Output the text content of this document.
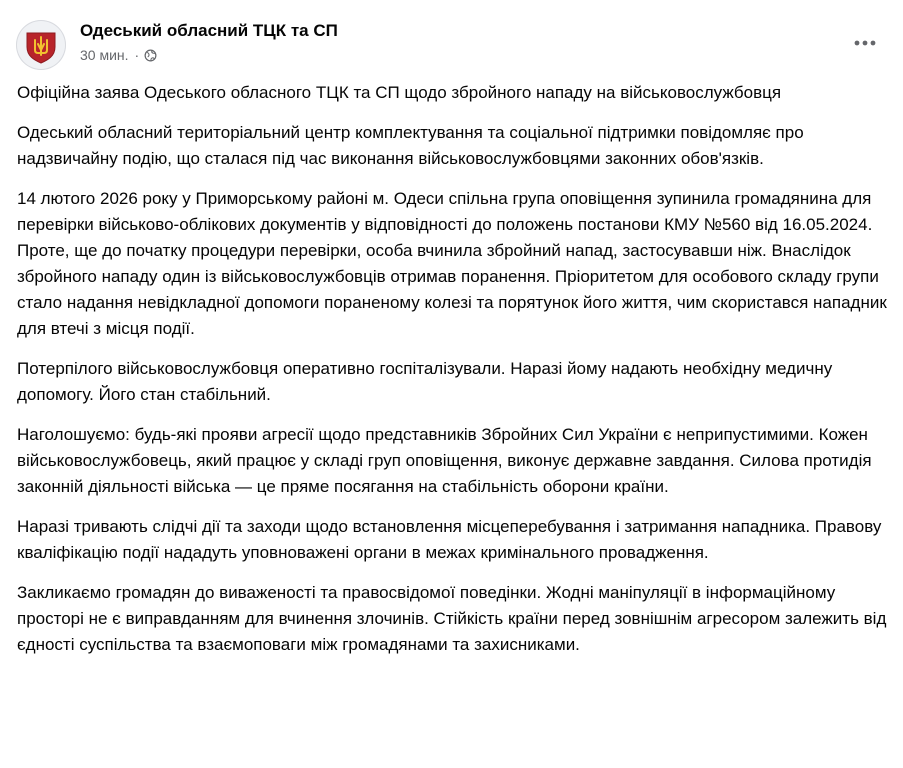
Одеський обласний ТЦК та СП
30 мин. ·

Офіційна заява Одеського обласного ТЦК та СП щодо збройного нападу на військовослужбовця

Одеський обласний територіальний центр комплектування та соціальної підтримки повідомляє про надзвичайну подію, що сталася під час виконання військовослужбовцями законних обов'язків.

14 лютого 2026 року у Приморському районі м. Одеси спільна група оповіщення зупинила громадянина для перевірки військово-облікових документів у відповідності до положень постанови КМУ №560 від 16.05.2024. Проте, ще до початку процедури перевірки, особа вчинила збройний напад, застосувавши ніж. Внаслідок збройного нападу один із військовослужбовців отримав поранення. Пріоритетом для особового складу групи стало надання невідкладної допомоги пораненому колезі та порятунок його життя, чим скористався нападник для втечі з місця події.

Потерпілого військовослужбовця оперативно госпіталізували. Наразі йому надають необхідну медичну допомогу. Його стан стабільний.

Наголошуємо: будь-які прояви агресії щодо представників Збройних Сил України є неприпустимими. Кожен військовослужбовець, який працює у складі груп оповіщення, виконує державне завдання. Силова протидія законній діяльності війська — це пряме посягання на стабільність оборони країни.

Наразі тривають слідчі дії та заходи щодо встановлення місцеперебування і затримання нападника. Правову кваліфікацію події нададуть уповноважені органи в межах кримінального провадження.

Закликаємо громадян до виваженості та правосвідомої поведінки. Жодні маніпуляції в інформаційному просторі не є виправданням для вчинення злочинів. Стійкість країни перед зовнішнім агресором залежить від єдності суспільства та взаємоповаги між громадянами та захисниками.
